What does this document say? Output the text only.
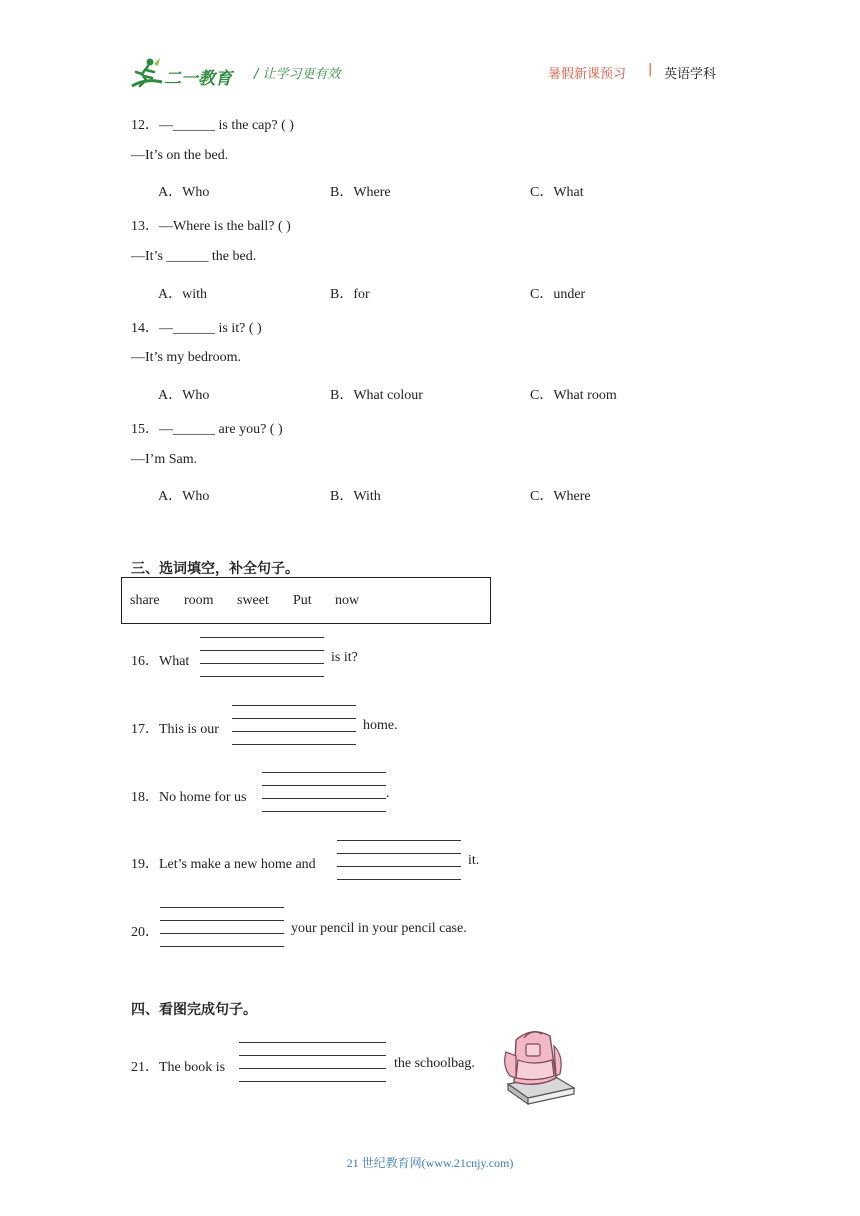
二一教育 / 让学习更有效	暑假新课预习 | 英语学科
12．—______ is the cap? ( )
—It’s on the bed.
A．Who	B．Where	C．What
13．—Where is the ball? ( )
—It’s ______ the bed.
A．with	B．for	C．under
14．—______ is it? ( )
—It’s my bedroom.
A．Who	B．What colour	C．What room
15．—______ are you? ( )
—I’m Sam.
A．Who	B．With	C．Where
三、选词填空，补全句子。
share room sweet Put now
16．What	is it?
17．This is our	home.
18．No home for us	.
19．Let’s make a new home and	it.
20．	your pencil in your pencil case.
四、看图完成句子。
21．The book is	the schoolbag.
21 世纪教育网(www.21cnjy.com)
